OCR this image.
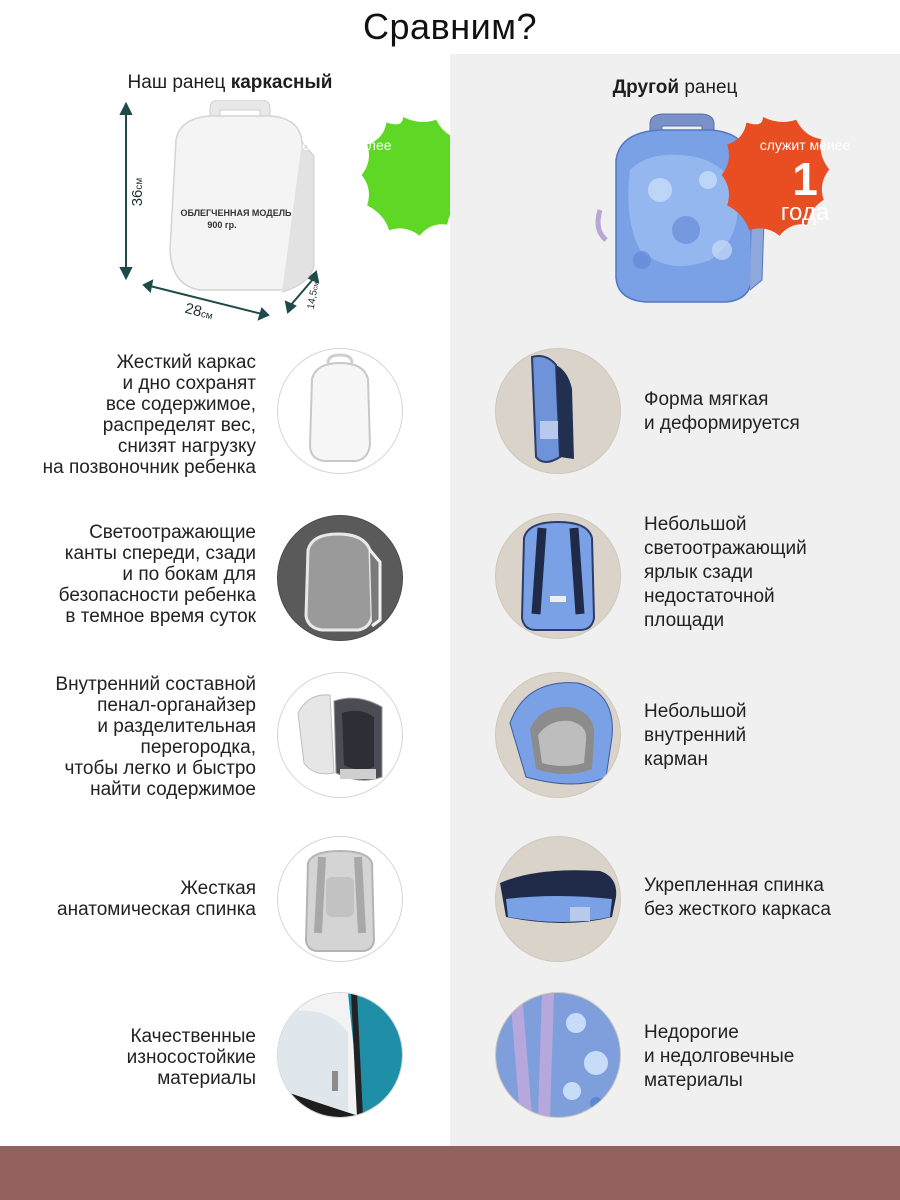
Сравним?
Наш ранец каркасный	Другой ранец
36см
28см
14,5см
ОБЛЕГЧЕННАЯ МОДЕЛЬ
900 гр.
служит более
5
лет
служит менее
1
года
Жесткий каркас
и дно сохранят
все содержимое,
распределят вес,
снизят нагрузку
на позвоночник ребенка
Светоотражающие
канты спереди, сзади
и по бокам для
безопасности ребенка
в темное время суток
Внутренний составной
пенал-органайзер
и разделительная
перегородка,
чтобы легко и быстро
найти содержимое
Жесткая
анатомическая спинка
Качественные
износостойкие
материалы
Форма мягкая
и деформируется
Небольшой
светоотражающий
ярлык сзади
недостаточной
площади
Небольшой
внутренний
карман
Укрепленная спинка
без жесткого каркаса
Недорогие
и недолговечные
материалы
